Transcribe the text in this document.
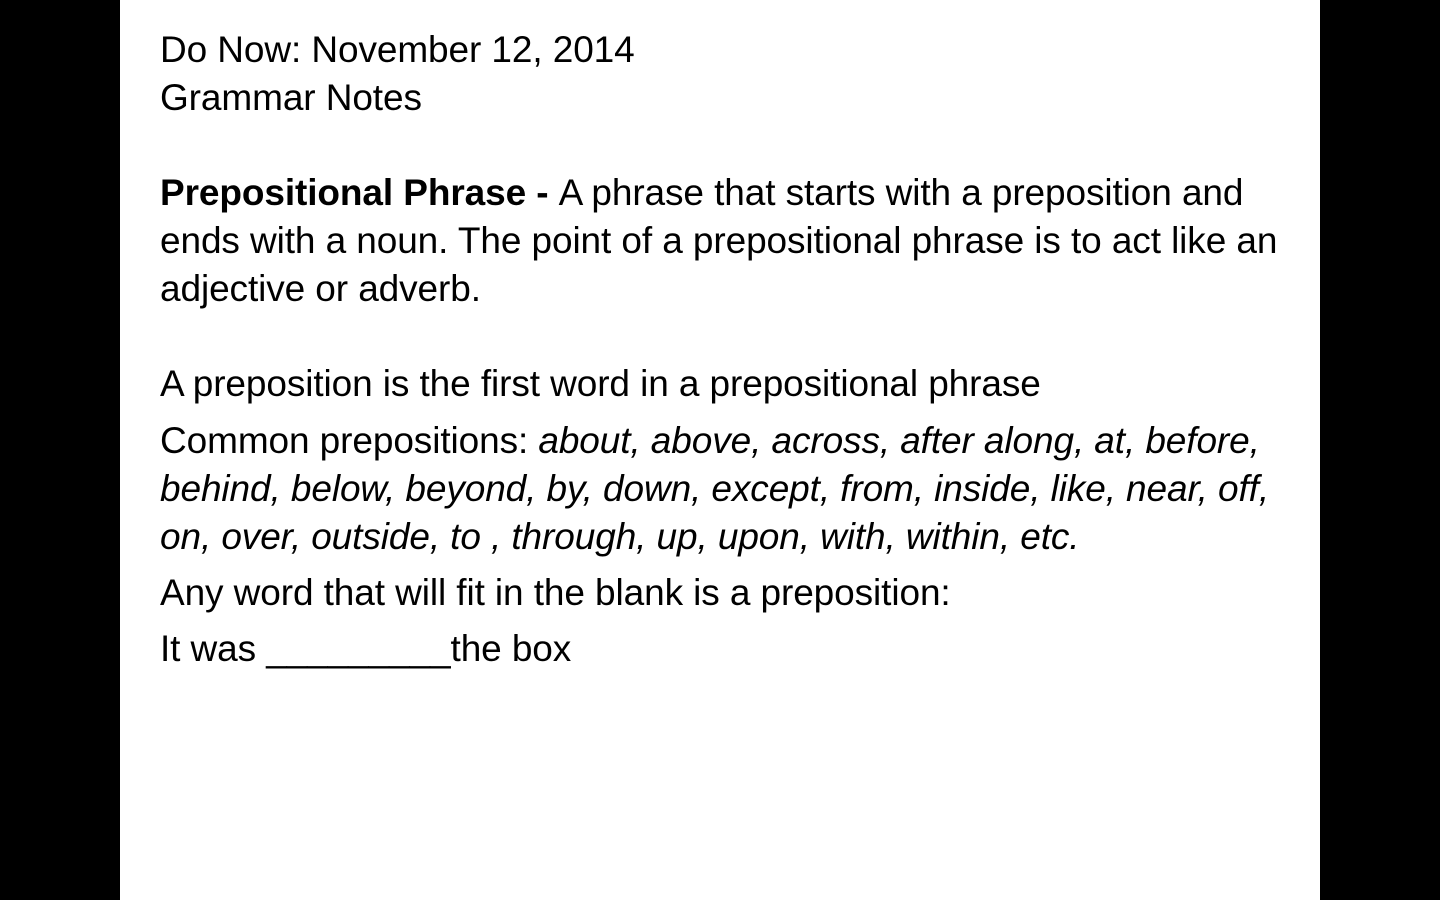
Do Now: November 12, 2014
Grammar Notes
Prepositional Phrase - A phrase that starts with a preposition and ends with a noun. The point of a prepositional phrase is to act like an adjective or adverb.
A preposition is the first word in a prepositional phrase
Common prepositions: about, above, across, after along, at, before, behind, below, beyond, by, down, except, from, inside, like, near, off, on, over, outside, to , through, up, upon, with, within, etc.
Any word that will fit in the blank is a preposition:
It was _________the box
